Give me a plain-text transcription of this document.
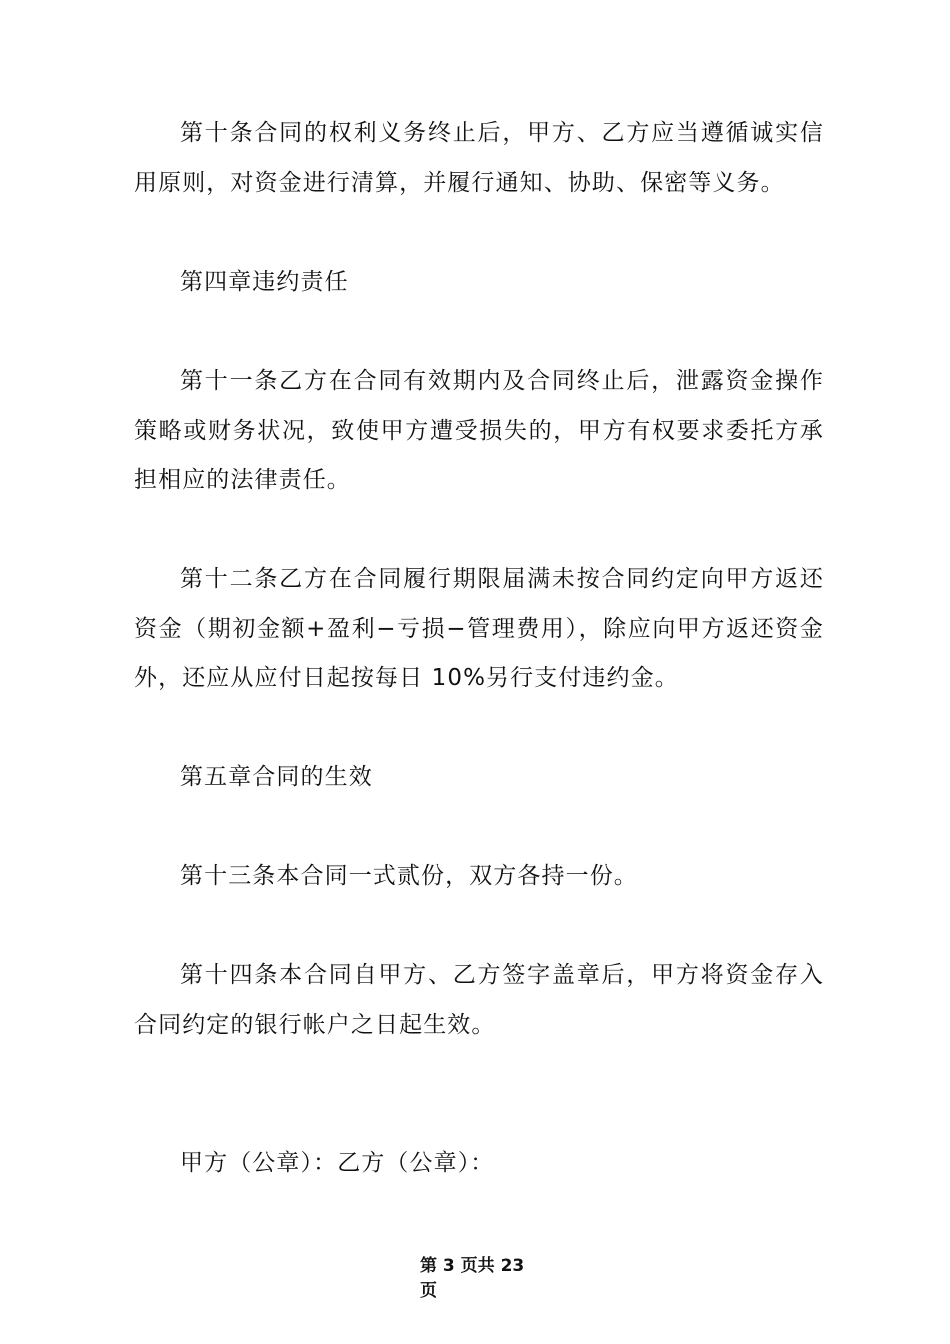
第十条合同的权利义务终止后，甲方、乙方应当遵循诚实信用原则，对资金进行清算，并履行通知、协助、保密等义务。

第四章违约责任

第十一条乙方在合同有效期内及合同终止后，泄露资金操作策略或财务状况，致使甲方遭受损失的，甲方有权要求委托方承担相应的法律责任。

第十二条乙方在合同履行期限届满未按合同约定向甲方返还资金（期初金额+盈利−亏损−管理费用），除应向甲方返还资金外，还应从应付日起按每日 10%另行支付违约金。

第五章合同的生效

第十三条本合同一式贰份，双方各持一份。

第十四条本合同自甲方、乙方签字盖章后，甲方将资金存入合同约定的银行帐户之日起生效。

甲方（公章）：乙方（公章）：

第 3 页共 23 页
